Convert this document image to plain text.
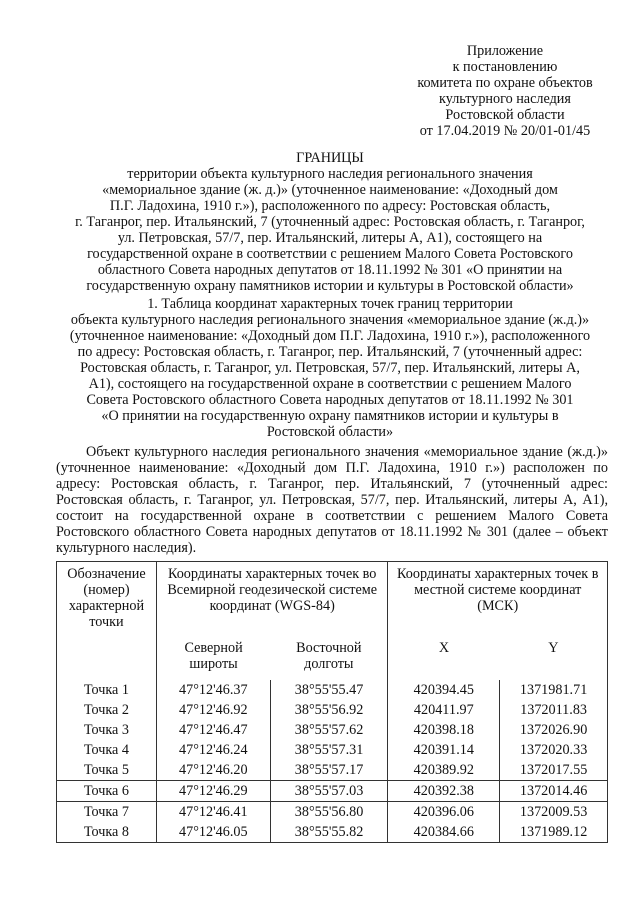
Приложение
к постановлению
комитета по охране объектов
культурного наследия
Ростовской области
от 17.04.2019 № 20/01-01/45
ГРАНИЦЫ
территории объекта культурного наследия регионального значения
«мемориальное здание (ж. д.)» (уточненное наименование: «Доходный дом
П.Г. Ладохина, 1910 г.»), расположенного по адресу: Ростовская область,
г. Таганрог, пер. Итальянский, 7 (уточненный адрес: Ростовская область, г. Таганрог,
ул. Петровская, 57/7, пер. Итальянский, литеры А, А1), состоящего на
государственной охране в соответствии с решением Малого Совета Ростовского
областного Совета народных депутатов от 18.11.1992 № 301 «О принятии на
государственную охрану памятников истории и культуры в Ростовской области»
1. Таблица координат характерных точек границ территории
объекта культурного наследия регионального значения «мемориальное здание (ж.д.)»
(уточненное наименование: «Доходный дом П.Г. Ладохина, 1910 г.»), расположенного
по адресу: Ростовская область, г. Таганрог, пер. Итальянский, 7 (уточненный адрес:
Ростовская область, г. Таганрог, ул. Петровская, 57/7, пер. Итальянский, литеры А,
А1), состоящего на государственной охране в соответствии с решением Малого
Совета Ростовского областного Совета народных депутатов от 18.11.1992 № 301
«О принятии на государственную охрану памятников истории и культуры в
Ростовской области»
Объект культурного наследия регионального значения «мемориальное здание (ж.д.)» (уточненное наименование: «Доходный дом П.Г. Ладохина, 1910 г.») расположен по адресу: Ростовская область, г. Таганрог, пер. Итальянский, 7 (уточненный адрес: Ростовская область, г. Таганрог, ул. Петровская, 57/7, пер. Итальянский, литеры А, А1), состоит на государственной охране в соответствии с решением Малого Совета Ростовского областного Совета народных депутатов от 18.11.1992 № 301 (далее – объект культурного наследия).
Обозначение (номер) характерной точки	Координаты характерных точек во Всемирной геодезической системе координат (WGS-84)		Координаты характерных точек в местной системе координат (МСК)	
	Северной широты	Восточной долготы	X	Y
Точка 1	47°12'46.37	38°55'55.47	420394.45	1371981.71
Точка 2	47°12'46.92	38°55'56.92	420411.97	1372011.83
Точка 3	47°12'46.47	38°55'57.62	420398.18	1372026.90
Точка 4	47°12'46.24	38°55'57.31	420391.14	1372020.33
Точка 5	47°12'46.20	38°55'57.17	420389.92	1372017.55
Точка 6	47°12'46.29	38°55'57.03	420392.38	1372014.46
Точка 7	47°12'46.41	38°55'56.80	420396.06	1372009.53
Точка 8	47°12'46.05	38°55'55.82	420384.66	1371989.12
